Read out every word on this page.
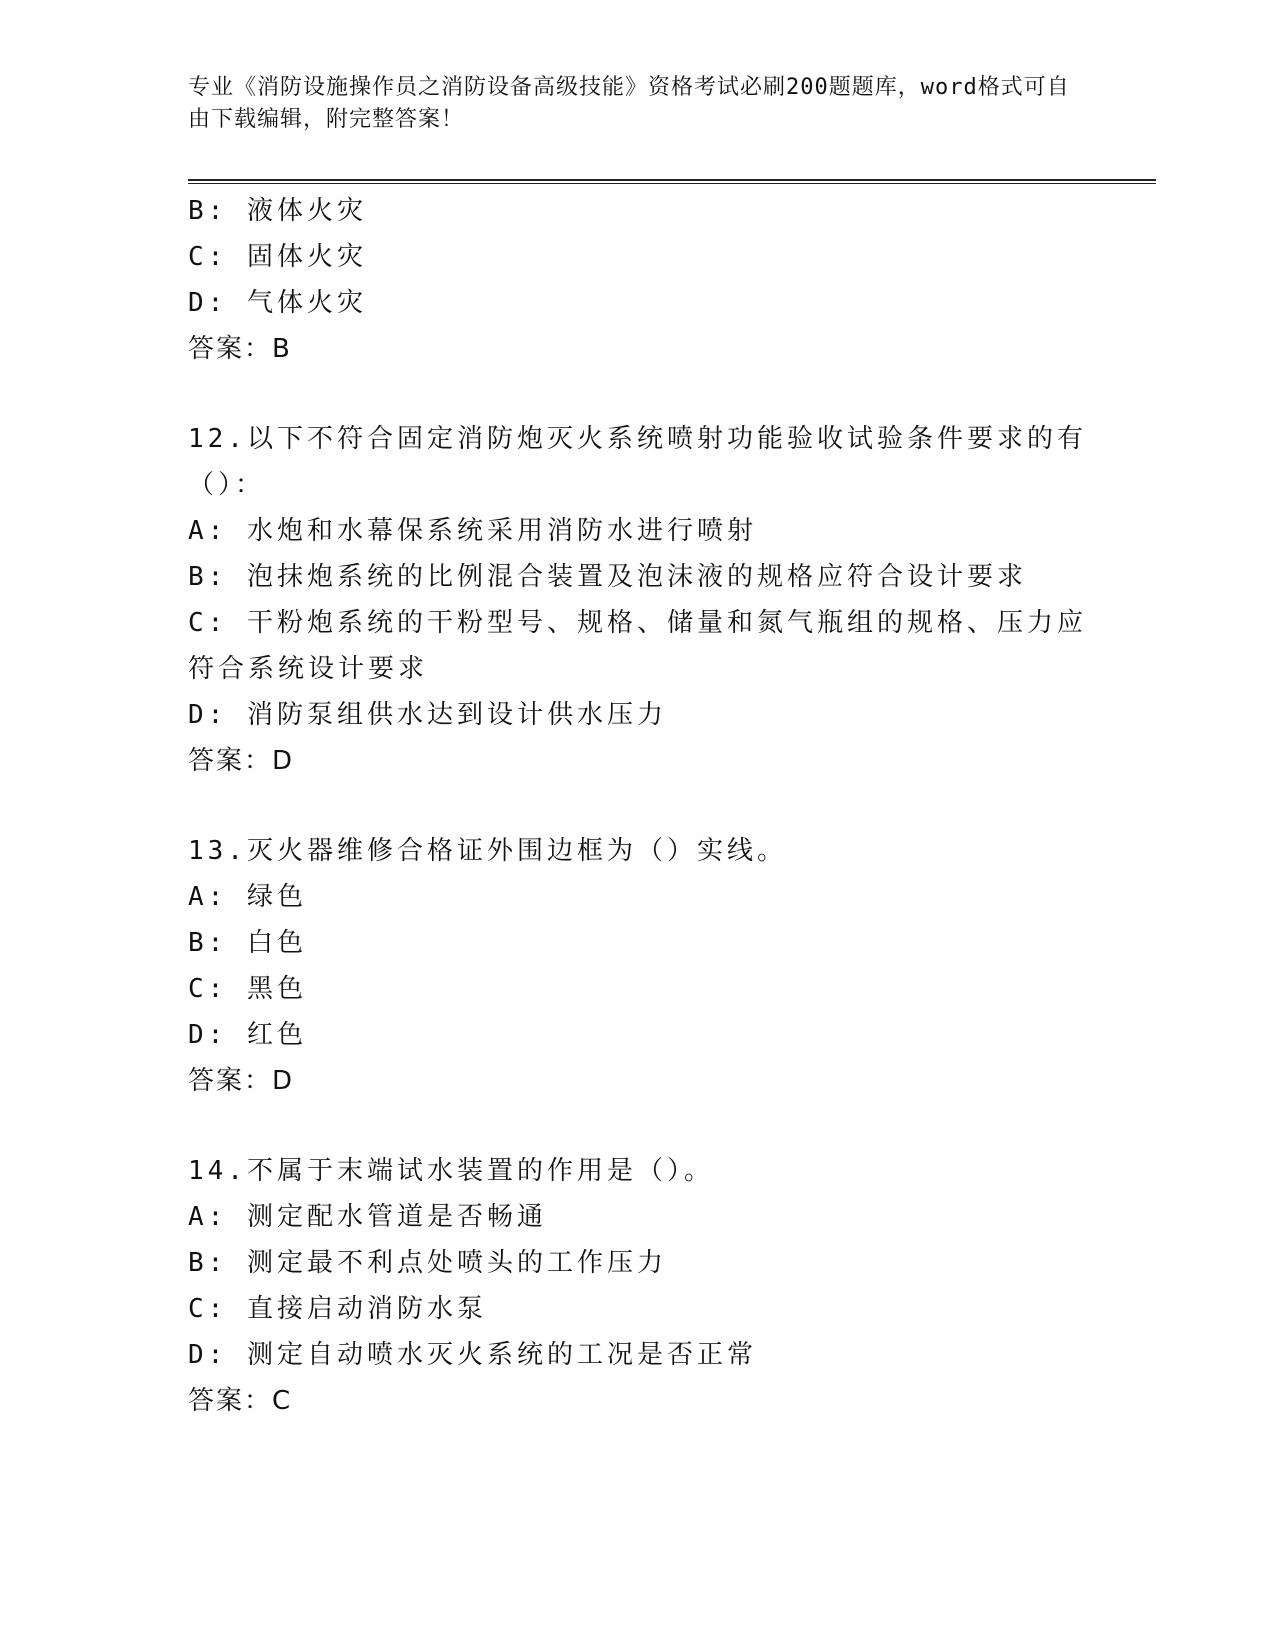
专业《消防设施操作员之消防设备高级技能》资格考试必刷200题题库，word格式可自由下载编辑，附完整答案！
B: 液体火灾
C: 固体火灾
D: 气体火灾
答案：B
12.以下不符合固定消防炮灭火系统喷射功能验收试验条件要求的有（）：
A: 水炮和水幕保系统采用消防水进行喷射
B: 泡抹炮系统的比例混合装置及泡沫液的规格应符合设计要求
C: 干粉炮系统的干粉型号、规格、储量和氮气瓶组的规格、压力应符合系统设计要求
D: 消防泵组供水达到设计供水压力
答案：D
13.灭火器维修合格证外围边框为（）实线。
A: 绿色
B: 白色
C: 黑色
D: 红色
答案：D
14.不属于末端试水装置的作用是（）。
A: 测定配水管道是否畅通
B: 测定最不利点处喷头的工作压力
C: 直接启动消防水泵
D: 测定自动喷水灭火系统的工况是否正常
答案：C
